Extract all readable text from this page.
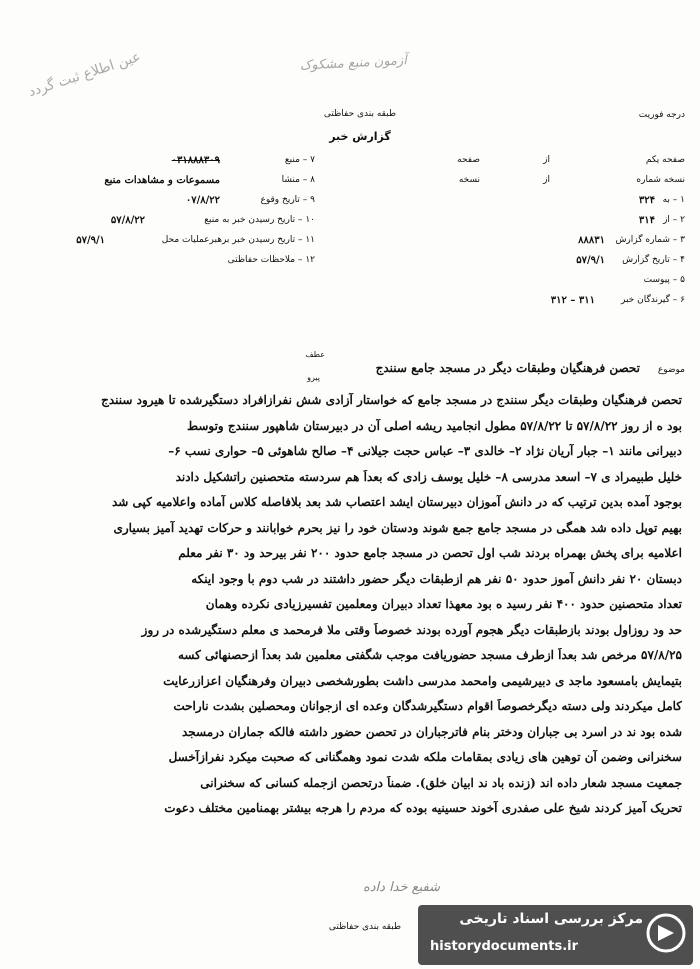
عین اطلاع ثبت گردد	آزمون منبع مشکوک
طبقه بندی حفاظتی
گزارش خبر
درجه فوریت
۷ – منبع
۰۳۱۸۸۸۳۰۹
۸ – منشا
مسموعات و مشاهدات منبع
۹ – تاریخ وقوع
۰۷/۸/۲۲
۱۰ – تاریخ رسیدن خبر به منبع
۵۷/۸/۲۲
۱۱ – تاریخ رسیدن خبر برهبرعملیات محل
۵۷/۹/۱
۱۲ – ملاحظات حفاظتی
صفحه یکم
از
صفحه
نسخه شماره
از
نسخه
۱ – به
۳۲۴
۲ – از
۳۱۴
۳ – شماره گزارش
۸۸۸۳۱
۴ – تاریخ گزارش
۵۷/۹/۱
۵ – پیوست
۶ – گیرندگان خبر
۳۱۱ – ۳۱۲
موضوع
تحصن فرهنگیان وطبقات دیگر در مسجد جامع سنندج
عطف
پیرو
تحصن فرهنگیان وطبقات دیگر سنندج در مسجد جامع که خواستار آزادی شش نفرازافراد دستگیرشده تا هیرود سنندج
بود ه از روز ۵۷/۸/۲۲ تا ۵۷/۸/۲۲ مطول انجامید ریشه اصلی آن در دبیرستان شاهپور سنندج وتوسط
دبیرانی مانند ۱– جبار آریان نژاد ۲– خالدی ۳– عباس حجت جیلانی ۴– صالح شاهوئی ۵– حواری نسب ۶–
خلیل طبیمراد ی ۷– اسعد مدرسی ۸– خلیل یوسف زادی که بعداً هم سردسته متحصنین راتشکیل دادند
بوجود آمده بدین ترتیب که در دانش آموزان دبیرستان ایشد اعتصاب شد بعد بلافاصله کلاس آماده واعلامیه کپی شد
بهیم توپل داده شد همگی در مسجد جامع جمع شوند ودستان خود را نیز بحرم خوابانند و حرکات تهدید آمیز بسیاری
اعلامیه برای پخش بهمراه بردند شب اول تحصن در مسجد جامع حدود ۲۰۰ نفر بیرحد ود ۳۰ نفر معلم
دبستان ۲۰ نفر دانش آموز حدود ۵۰ نفر هم ازطبقات دیگر حضور داشتند در شب دوم با وجود اینکه
تعداد متحصنین حدود ۴۰۰ نفر رسید ه بود معهذا تعداد دبیران ومعلمین تفسیرزیادی نکرده وهمان
حد ود روزاول بودند بازطبقات دیگر هجوم آورده بودند خصوصاً وقتی ملا فرمحمد ی معلم دستگیرشده در روز
۵۷/۸/۲۵ مرخص شد بعداً ازطرف مسجد حضوریافت موجب شگفتی معلمین شد بعداً ازحصنهائی کسه
بتیمایش بامسعود ماجد ی دبیرشیمی وامحمد مدرسی داشت بطورشخصی دبیران وفرهنگیان اعزازرعایت
کامل میکردند ولی دسته دیگرخصوصاً اقوام دستگیرشدگان وعده ای ازجوانان ومحصلین بشدت ناراحت
شده بود ند در اسرد بی جباران ودختر بنام فاترجباران در تحصن حضور داشته فالکه جماران درمسجد
سخنرانی وضمن آن توهین های زیادی بمقامات ملکه شدت نمود وهمگنانی که صحبت میکرد نفرازآخسل
جمعیت مسجد شعار داده اند (زنده باد ند ابیان خلق). ضمناً درتحصن ازجمله کسانی که سخنرانی
تحریک آمیز کردند شیخ علی صفدری آخوند حسینیه بوده که مردم را هرجه بیشتر بهمنامین مختلف دعوت
شفیع خدا داده
طبقه بندی حفاظتی	مرکز بررسی اسناد تاریخی
historydocuments.ir
